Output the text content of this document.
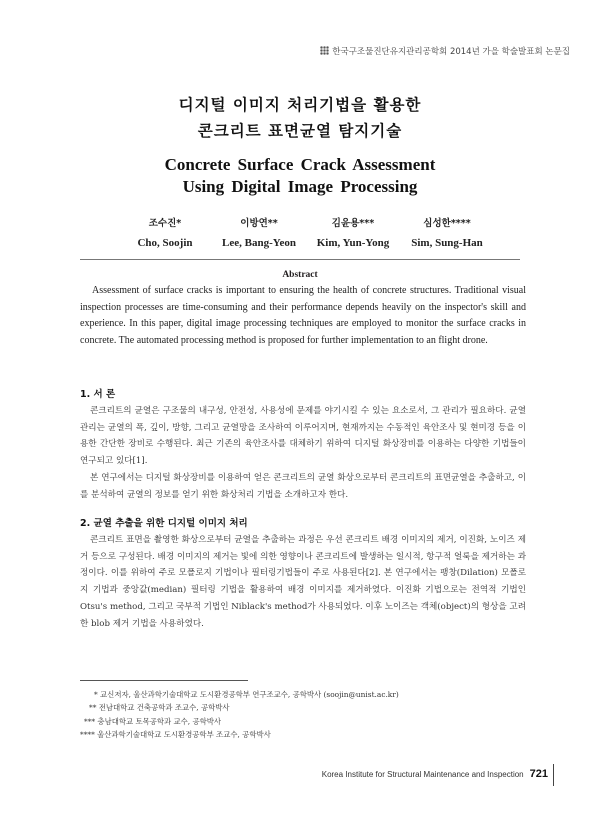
한국구조물진단유지관리공학회 2014년 가을 학술발표회 논문집
디지털 이미지 처리기법을 활용한
콘크리트 표면균열 탐지기술
Concrete Surface Crack Assessment
Using Digital Image Processing
조수진*	이방연**	김윤용***	심성한****
Cho, Soojin	Lee, Bang-Yeon	Kim, Yun-Yong	Sim, Sung-Han
Abstract

Assessment of surface cracks is important to ensuring the health of concrete structures. Traditional visual inspection processes are time-consuming and their performance depends heavily on the inspector's skill and experience. In this paper, digital image processing techniques are employed to monitor the surface cracks in concrete. The automated processing method is proposed for further implementation to an flight drone.

1. 서 론

콘크리트의 균열은 구조물의 내구성, 안전성, 사용성에 문제를 야기시킬 수 있는 요소로서, 그 관리가 필요하다. 균열관리는 균열의 폭, 깊이, 방향, 그리고 균열망을 조사하여 이루어지며, 현재까지는 수동적인 육안조사 및 현미경 등을 이용한 간단한 장비로 수행된다. 최근 기존의 육안조사를 대체하기 위하여 디지털 화상장비를 이용하는 다양한 기법들이 연구되고 있다[1].

본 연구에서는 디지털 화상장비를 이용하여 얻은 콘크리트의 균열 화상으로부터 콘크리트의 표면균열을 추출하고, 이를 분석하여 균열의 정보를 얻기 위한 화상처리 기법을 소개하고자 한다.

2. 균열 추출을 위한 디지털 이미지 처리

콘크리트 표면을 촬영한 화상으로부터 균열을 추출하는 과정은 우선 콘크리트 배경 이미지의 제거, 이진화, 노이즈 제거 등으로 구성된다. 배경 이미지의 제거는 빛에 의한 영향이나 콘크리트에 발생하는 일시적, 항구적 얼룩을 제거하는 과정이다. 이를 위하여 주로 모폴로지 기법이나 필터링기법들이 주로 사용된다[2]. 본 연구에서는 팽창(Dilation) 모폴로지 기법과 중앙값(median) 필터링 기법을 활용하여 배경 이미지를 제거하였다. 이진화 기법으로는 전역적 기법인 Otsu's method, 그리고 국부적 기법인 Niblack's method가 사용되었다. 이후 노이즈는 객체(object)의 형상을 고려한 blob 제거 기법을 사용하였다.

* 교신저자, 울산과학기술대학교 도시환경공학부 연구조교수, 공학박사 (soojin@unist.ac.kr)
** 전남대학교 건축공학과 조교수, 공학박사
*** 충남대학교 토목공학과 교수, 공학박사
**** 울산과학기술대학교 도시환경공학부 조교수, 공학박사
Korea Institute for Structural Maintenance and Inspection 721
